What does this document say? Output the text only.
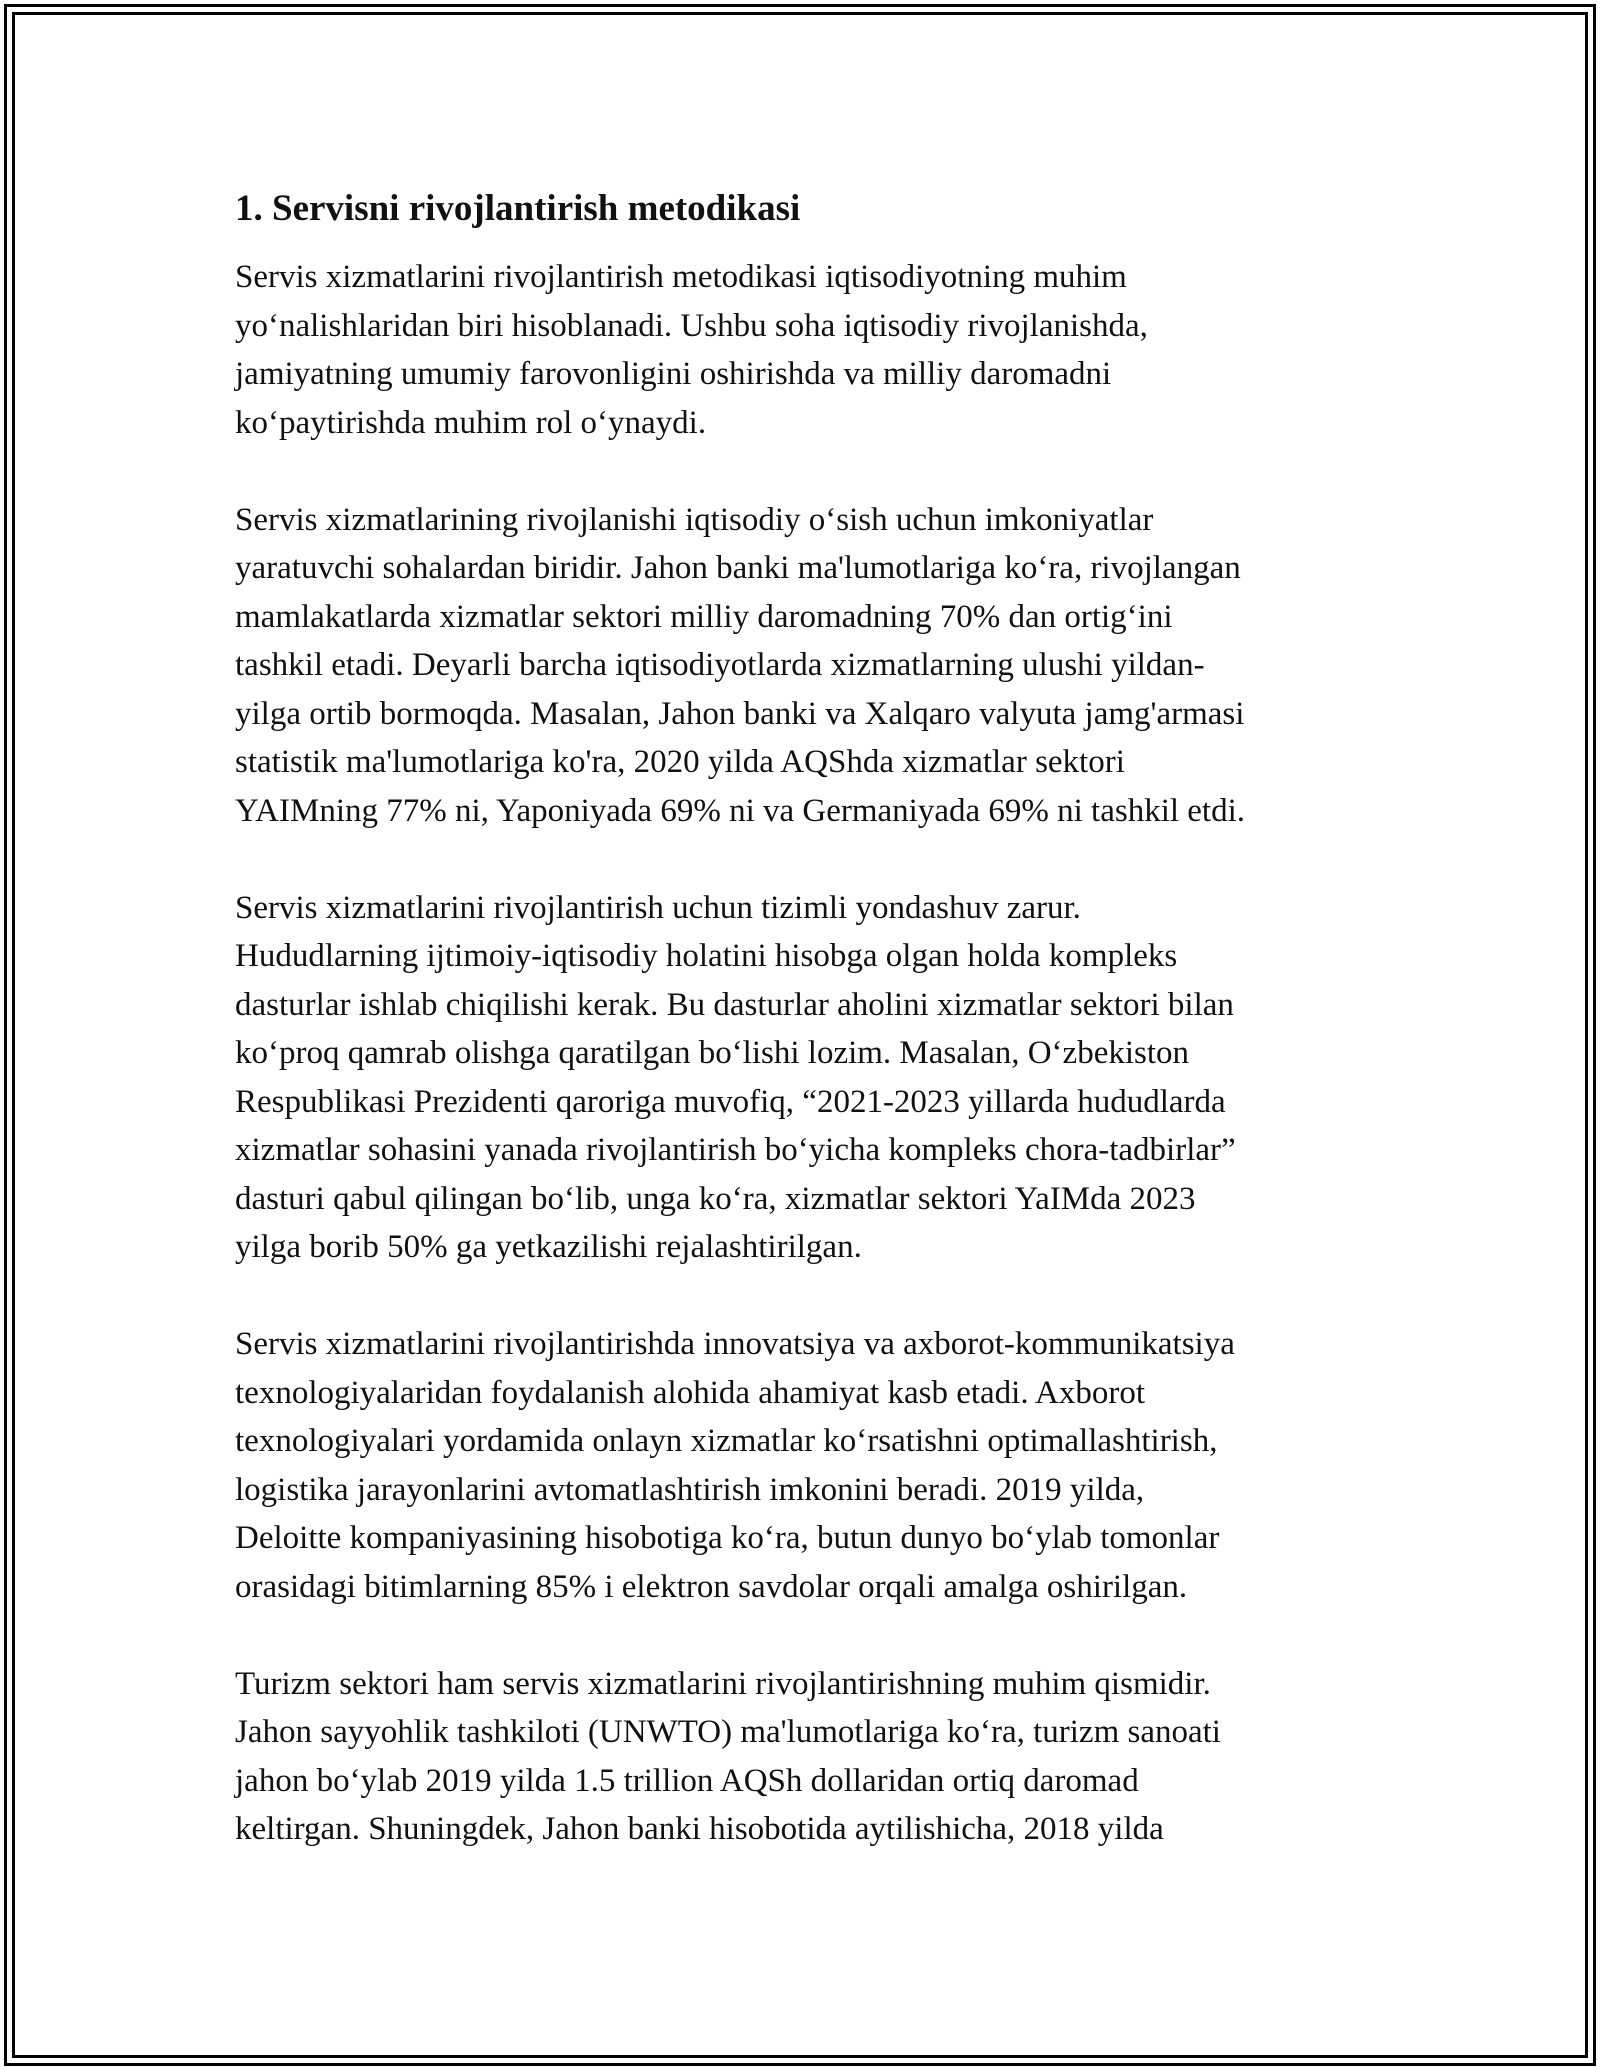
1. Servisni rivojlantirish metodikasi
Servis xizmatlarini rivojlantirish metodikasi iqtisodiyotning muhim
yo‘nalishlaridan biri hisoblanadi. Ushbu soha iqtisodiy rivojlanishda,
jamiyatning umumiy farovonligini oshirishda va milliy daromadni
ko‘paytirishda muhim rol o‘ynaydi.
Servis xizmatlarining rivojlanishi iqtisodiy o‘sish uchun imkoniyatlar
yaratuvchi sohalardan biridir. Jahon banki ma'lumotlariga ko‘ra, rivojlangan
mamlakatlarda xizmatlar sektori milliy daromadning 70% dan ortig‘ini
tashkil etadi. Deyarli barcha iqtisodiyotlarda xizmatlarning ulushi yildan-
yilga ortib bormoqda. Masalan, Jahon banki va Xalqaro valyuta jamg'armasi
statistik ma'lumotlariga ko'ra, 2020 yilda AQShda xizmatlar sektori
YAIMning 77% ni, Yaponiyada 69% ni va Germaniyada 69% ni tashkil etdi.
Servis xizmatlarini rivojlantirish uchun tizimli yondashuv zarur.
Hududlarning ijtimoiy-iqtisodiy holatini hisobga olgan holda kompleks
dasturlar ishlab chiqilishi kerak. Bu dasturlar aholini xizmatlar sektori bilan
ko‘proq qamrab olishga qaratilgan bo‘lishi lozim. Masalan, O‘zbekiston
Respublikasi Prezidenti qaroriga muvofiq, “2021-2023 yillarda hududlarda
xizmatlar sohasini yanada rivojlantirish bo‘yicha kompleks chora-tadbirlar”
dasturi qabul qilingan bo‘lib, unga ko‘ra, xizmatlar sektori YaIMda 2023
yilga borib 50% ga yetkazilishi rejalashtirilgan.
Servis xizmatlarini rivojlantirishda innovatsiya va axborot-kommunikatsiya
texnologiyalaridan foydalanish alohida ahamiyat kasb etadi. Axborot
texnologiyalari yordamida onlayn xizmatlar ko‘rsatishni optimallashtirish,
logistika jarayonlarini avtomatlashtirish imkonini beradi. 2019 yilda,
Deloitte kompaniyasining hisobotiga ko‘ra, butun dunyo bo‘ylab tomonlar
orasidagi bitimlarning 85% i elektron savdolar orqali amalga oshirilgan.
Turizm sektori ham servis xizmatlarini rivojlantirishning muhim qismidir.
Jahon sayyohlik tashkiloti (UNWTO) ma'lumotlariga ko‘ra, turizm sanoati
jahon bo‘ylab 2019 yilda 1.5 trillion AQSh dollaridan ortiq daromad
keltirgan. Shuningdek, Jahon banki hisobotida aytilishicha, 2018 yilda
